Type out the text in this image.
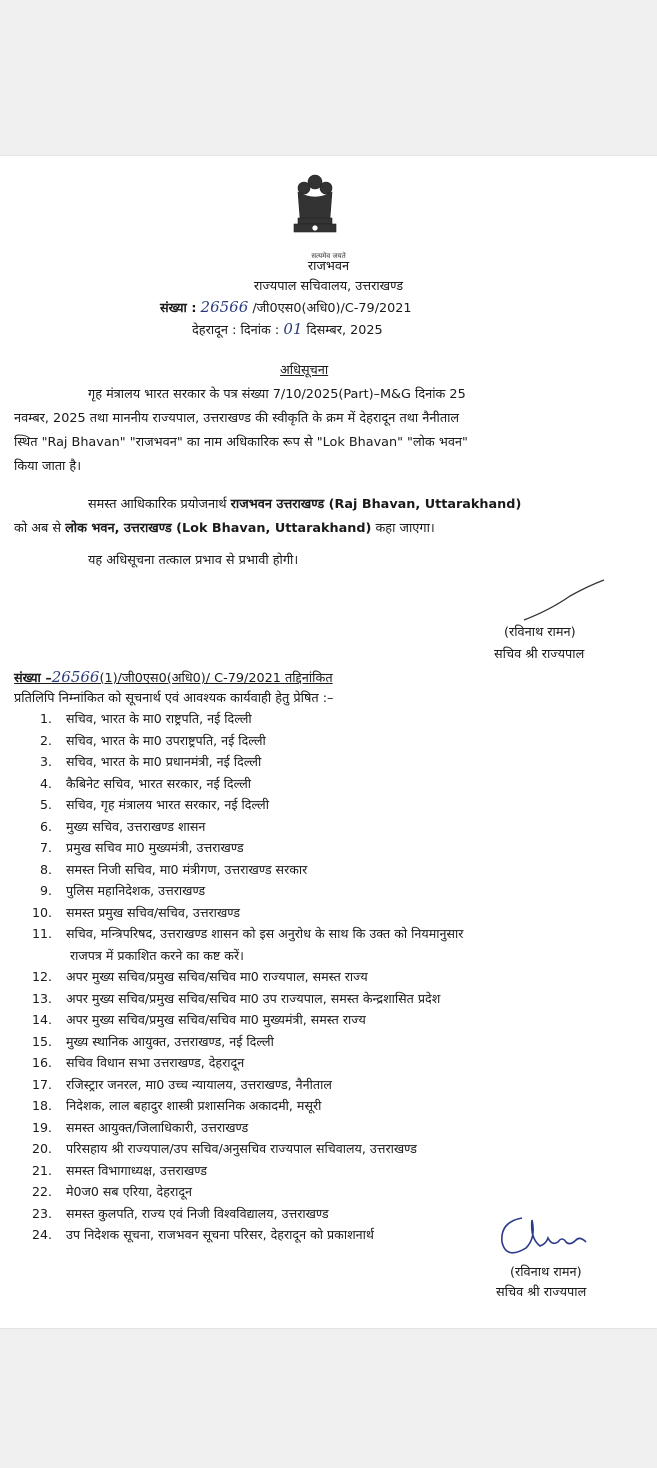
सत्यमेव जयते
राजभवन
राज्यपाल सचिवालय, उत्तराखण्ड
संख्या : 26566 /जी0एस0(अधि0)/C-79/2021
देहरादून : दिनांक : 01 दिसम्बर, 2025
अधिसूचना
गृह मंत्रालय भारत सरकार के पत्र संख्या 7/10/2025(Part)–M&G दिनांक 25
नवम्बर, 2025 तथा माननीय राज्यपाल, उत्तराखण्ड की स्वीकृति के क्रम में देहरादून तथा नैनीताल
स्थित "Raj Bhavan" "राजभवन" का नाम अधिकारिक रूप से "Lok Bhavan" "लोक भवन"
किया जाता है।
समस्त आधिकारिक प्रयोजनार्थ राजभवन उत्तराखण्ड (Raj Bhavan, Uttarakhand)
को अब से लोक भवन, उत्तराखण्ड (Lok Bhavan, Uttarakhand) कहा जाएगा।
यह अधिसूचना तत्काल प्रभाव से प्रभावी होगी।
(रविनाथ रामन)
सचिव श्री राज्यपाल
संख्या –26566(1)/जी0एस0(अधि0)/ C-79/2021 तद्दिनांकित
प्रतिलिपि निम्नांकित को सूचनार्थ एवं आवश्यक कार्यवाही हेतु प्रेषित :–
(रविनाथ रामन)
सचिव श्री राज्यपाल
1. सचिव, भारत के मा0 राष्ट्रपति, नई दिल्ली
2. सचिव, भारत के मा0 उपराष्ट्रपति, नई दिल्ली
3. सचिव, भारत के मा0 प्रधानमंत्री, नई दिल्ली
4. कैबिनेट सचिव, भारत सरकार, नई दिल्ली
5. सचिव, गृह मंत्रालय भारत सरकार, नई दिल्ली
6. मुख्य सचिव, उत्तराखण्ड शासन
7. प्रमुख सचिव मा0 मुख्यमंत्री, उत्तराखण्ड
8. समस्त निजी सचिव, मा0 मंत्रीगण, उत्तराखण्ड सरकार
9. पुलिस महानिदेशक, उत्तराखण्ड
10. समस्त प्रमुख सचिव/सचिव, उत्तराखण्ड
11. सचिव, मन्त्रिपरिषद, उत्तराखण्ड शासन को इस अनुरोध के साथ कि उक्त को नियमानुसार
राजपत्र में प्रकाशित करने का कष्ट करें।
12. अपर मुख्य सचिव/प्रमुख सचिव/सचिव मा0 राज्यपाल, समस्त राज्य
13. अपर मुख्य सचिव/प्रमुख सचिव/सचिव मा0 उप राज्यपाल, समस्त केन्द्रशासित प्रदेश
14. अपर मुख्य सचिव/प्रमुख सचिव/सचिव मा0 मुख्यमंत्री, समस्त राज्य
15. मुख्य स्थानिक आयुक्त, उत्तराखण्ड, नई दिल्ली
16. सचिव विधान सभा उत्तराखण्ड, देहरादून
17. रजिस्ट्रार जनरल, मा0 उच्च न्यायालय, उत्तराखण्ड, नैनीताल
18. निदेशक, लाल बहादुर शास्त्री प्रशासनिक अकादमी, मसूरी
19. समस्त आयुक्त/जिलाधिकारी, उत्तराखण्ड
20. परिसहाय श्री राज्यपाल/उप सचिव/अनुसचिव राज्यपाल सचिवालय, उत्तराखण्ड
21. समस्त विभागाध्यक्ष, उत्तराखण्ड
22. मे0ज0 सब एरिया, देहरादून
23. समस्त कुलपति, राज्य एवं निजी विश्वविद्यालय, उत्तराखण्ड
24. उप निदेशक सूचना, राजभवन सूचना परिसर, देहरादून को प्रकाशनार्थ
